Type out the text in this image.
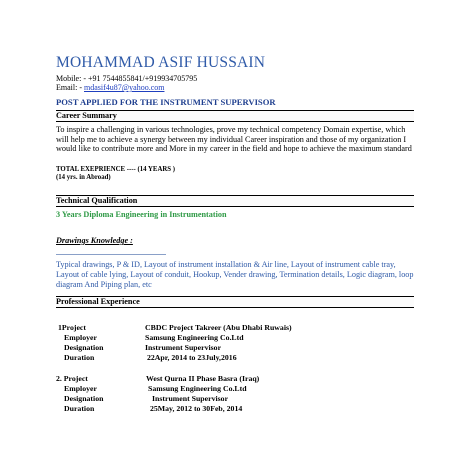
MOHAMMAD ASIF HUSSAIN
Mobile: - +91 7544855841/+919934705795
Email: - mdasif4u87@yahoo.com
POST APPLIED FOR THE INSTRUMENT SUPERVISOR
Career Summary
To inspire a challenging in various technologies, prove my technical competency Domain expertise, which will help me to achieve a synergy between my individual Career inspiration and those of my organization I would like to contribute more and More in my career in the field and hope to achieve the maximum standard
TOTAL EXEPRIENCE ---- (14 YEARS )
(14 yrs. in Abroad)
Technical Qualification
3 Years Diploma Engineering in Instrumentation
Drawings Knowledge :
Typical drawings, P & ID, Layout of instrument installation & Air line, Layout of instrument cable tray, Layout of cable lying, Layout of conduit, Hookup, Vender drawing, Termination details, Logic diagram, loop diagram And Piping plan, etc
Professional Experience
1Project	CBDC Project Takreer (Abu Dhabi Ruwais)
Employer	Samsung Engineering Co.Ltd
Designation	Instrument Supervisor
Duration	22Apr, 2014 to 23July,2016
2. Project	West Qurna II Phase Basra (Iraq)
Employer	Samsung Engineering Co.Ltd
Designation	Instrument Supervisor
Duration	25May, 2012 to 30Feb, 2014
